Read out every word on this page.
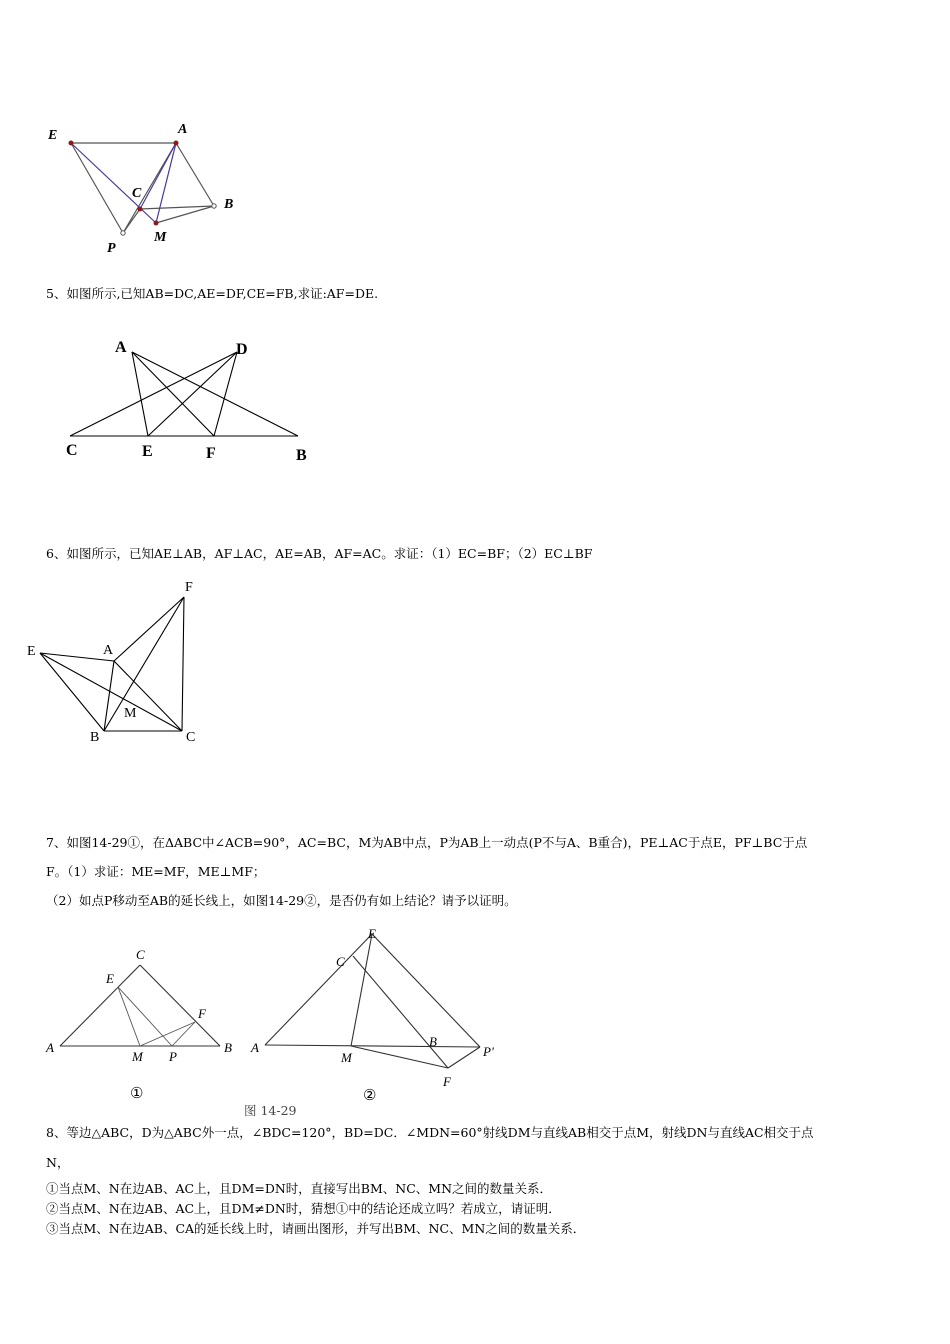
E	A
C
B
P
M
5、如图所示,已知AB=DC,AE=DF,CE=FB,求证:AF=DE.
A	D
C	E	F	B
6、如图所示，已知AE⊥AB，AF⊥AC，AE=AB，AF=AC。求证：（1）EC=BF；（2）EC⊥BF
F
E	A
M
B	C
7、如图14-29①，在ΔABC中∠ACB=90°，AC=BC，M为AB中点，P为AB上一动点(P不与A、B重合)，PE⊥AC于点E，PF⊥BC于点
F。（1）求证：ME=MF，ME⊥MF；
（2）如点P移动至AB的延长线上，如图14-29②，是否仍有如上结论？请予以证明。
C
E
F
A
M P
B
①
E
C
A
M
B
P'
F
②
图 14-29
8、等边△ABC，D为△ABC外一点，∠BDC=120°，BD=DC．∠MDN=60°射线DM与直线AB相交于点M，射线DN与直线AC相交于点
N，
①当点M、N在边AB、AC上，且DM=DN时，直接写出BM、NC、MN之间的数量关系．
②当点M、N在边AB、AC上，且DM≠DN时，猜想①中的结论还成立吗？若成立，请证明．
③当点M、N在边AB、CA的延长线上时，请画出图形，并写出BM、NC、MN之间的数量关系．
